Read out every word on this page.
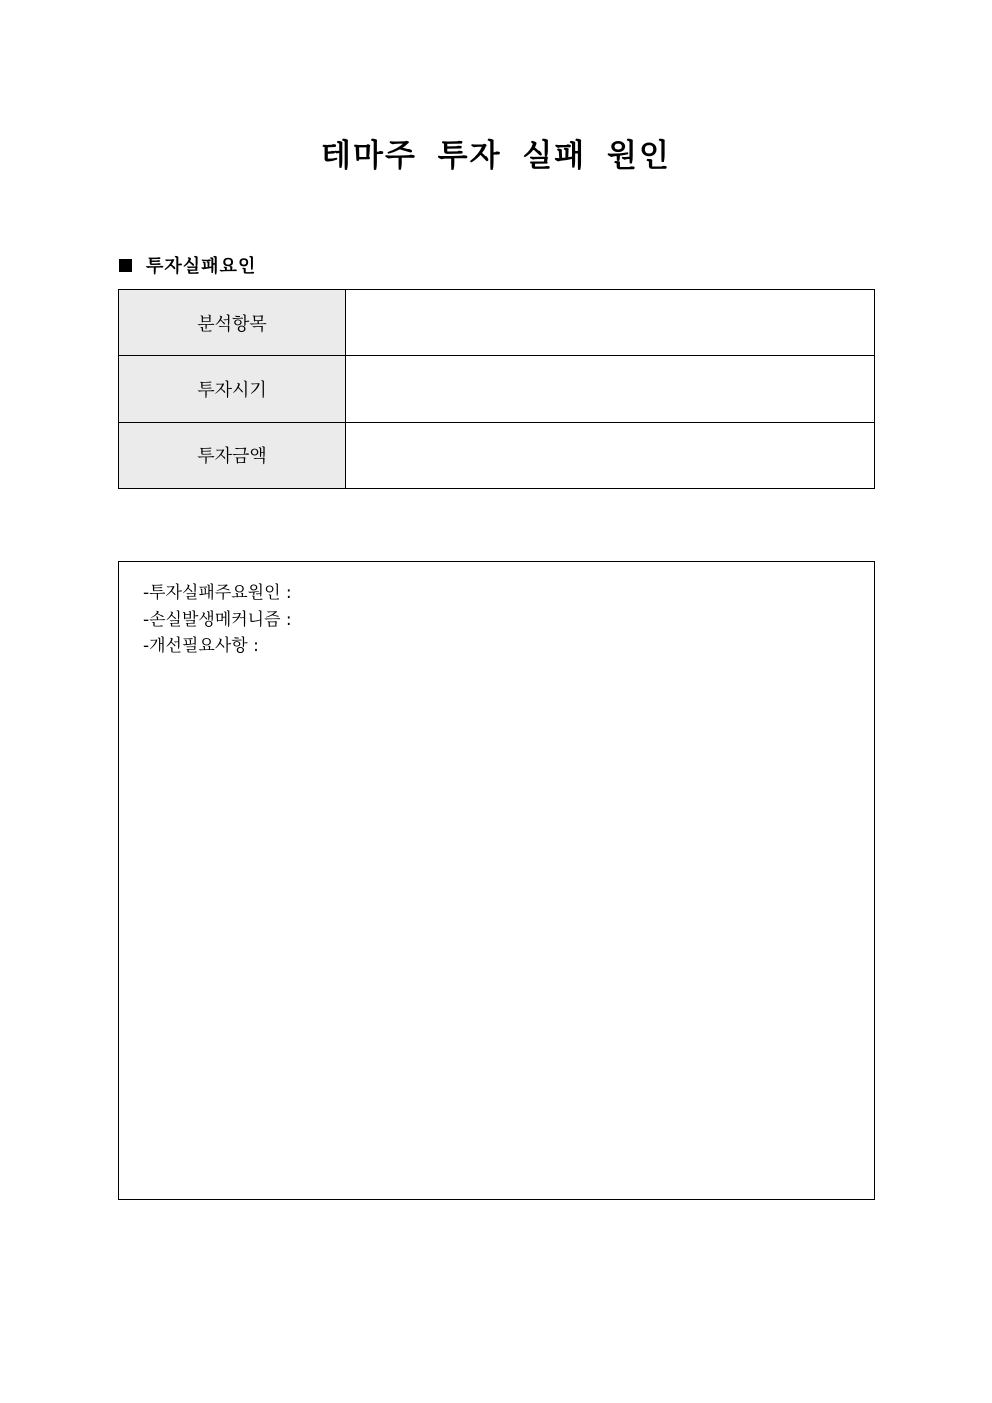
테마주 투자 실패 원인
투자실패요인
분석항목	
투자시기	
투자금액	
-투자실패주요원인 :
-손실발생메커니즘 :
-개선필요사항 :
